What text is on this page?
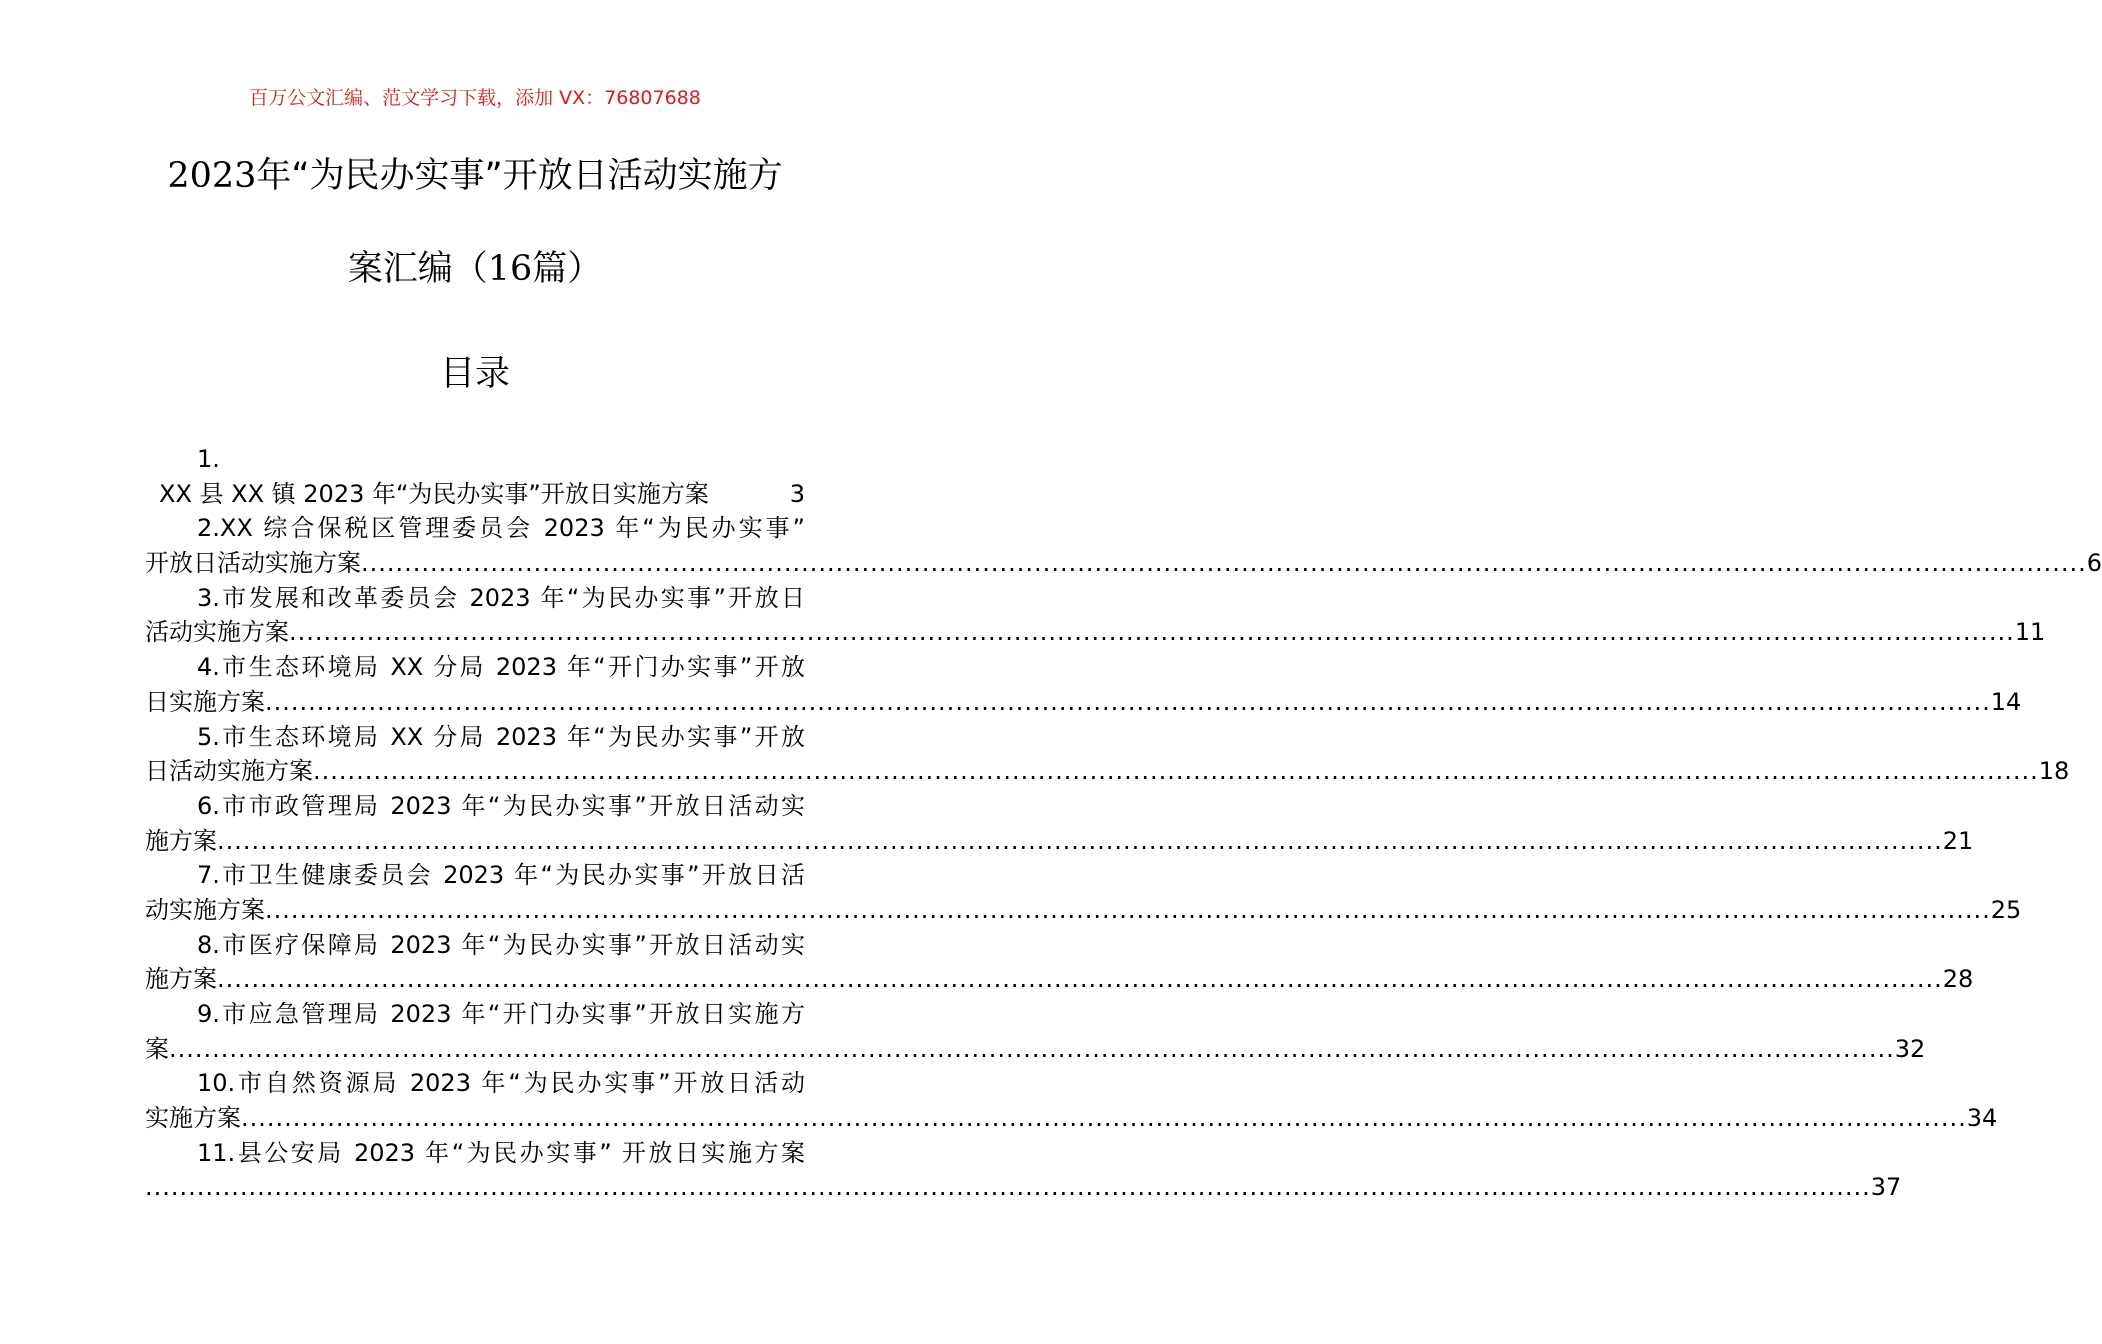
百万公文汇编、范文学习下载，添加 VX：76807688
2023年“为民办实事”开放日活动实施方
案汇编（16篇）
目录
1.
XX 县 XX 镇 2023 年“为民办实事”开放日实施方案	3
2.XX 综合保税区管理委员会 2023 年“为民办实事”
开放日活动实施方案 ........................................................................................................................................................................................................ 6
3.市发展和改革委员会 2023 年“为民办实事”开放日
活动实施方案 ........................................................................................................................................................................................................ 11
4.市生态环境局 XX 分局 2023 年“开门办实事”开放
日实施方案 ........................................................................................................................................................................................................ 14
5.市生态环境局 XX 分局 2023 年“为民办实事”开放
日活动实施方案 ........................................................................................................................................................................................................ 18
6.市市政管理局 2023 年“为民办实事”开放日活动实
施方案 ........................................................................................................................................................................................................ 21
7.市卫生健康委员会 2023 年“为民办实事”开放日活
动实施方案 ........................................................................................................................................................................................................ 25
8.市医疗保障局 2023 年“为民办实事”开放日活动实
施方案 ........................................................................................................................................................................................................ 28
9.市应急管理局 2023 年“开门办实事”开放日实施方
案 ........................................................................................................................................................................................................ 32
10.市自然资源局 2023 年“为民办实事”开放日活动
实施方案 ........................................................................................................................................................................................................ 34
11.县公安局 2023 年“为民办实事” 开放日实施方案
........................................................................................................................................................................................................ 37
